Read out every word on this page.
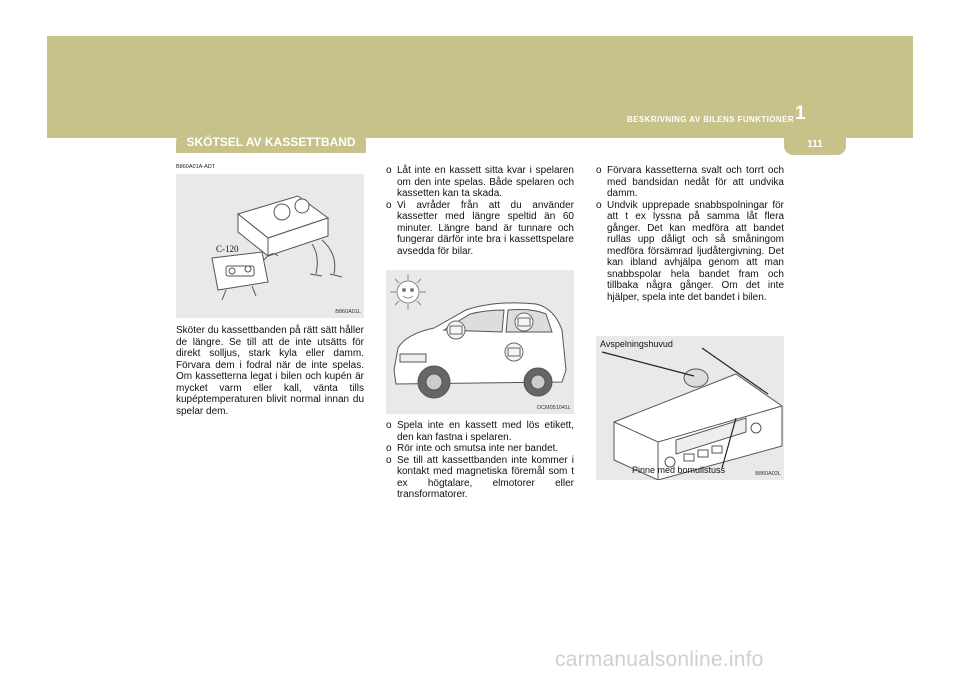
BESKRIVNING AV BILENS FUNKTIONER 1
111
SKÖTSEL AV KASSETTBAND
B860A01A-ADT
C-120
B860A01L
Sköter du kassettbanden på rätt sätt håller de längre. Se till att de inte utsätts för direkt solljus, stark kyla eller damm. Förvara dem i fodral när de inte spelas. Om kassetterna legat i bilen och kupén är mycket varm eller kall, vänta tills kupéptemperaturen blivit normal innan du spelar dem.
o Låt inte en kassett sitta kvar i spelaren om den inte spelas. Både spelaren och kassetten kan ta skada.
o Vi avråder från att du använder kassetter med längre speltid än 60 minuter. Längre band är tunnare och fungerar därför inte bra i kassettspelare avsedda för bilar.
OCM051041L
o Spela inte en kassett med lös etikett, den kan fastna i spelaren.
o Rör inte och smutsa inte ner bandet.
o Se till att kassettbanden inte kommer i kontakt med magnetiska föremål som t ex högtalare, elmotorer eller transformatorer.
o Förvara kassetterna svalt och torrt och med bandsidan nedåt för att undvika damm.
o Undvik upprepade snabbspolningar för att t ex lyssna på samma låt flera gånger. Det kan medföra att bandet rullas upp dåligt och så småningom medföra försämrad ljudåtergivning. Det kan ibland avhjälpa genom att man snabbspolar hela bandet fram och tillbaka några gånger. Om det inte hjälper, spela inte det bandet i bilen.
Avspelningshuvud
Pinne med bomullstuss	B860A02L
carmanualsonline.info
